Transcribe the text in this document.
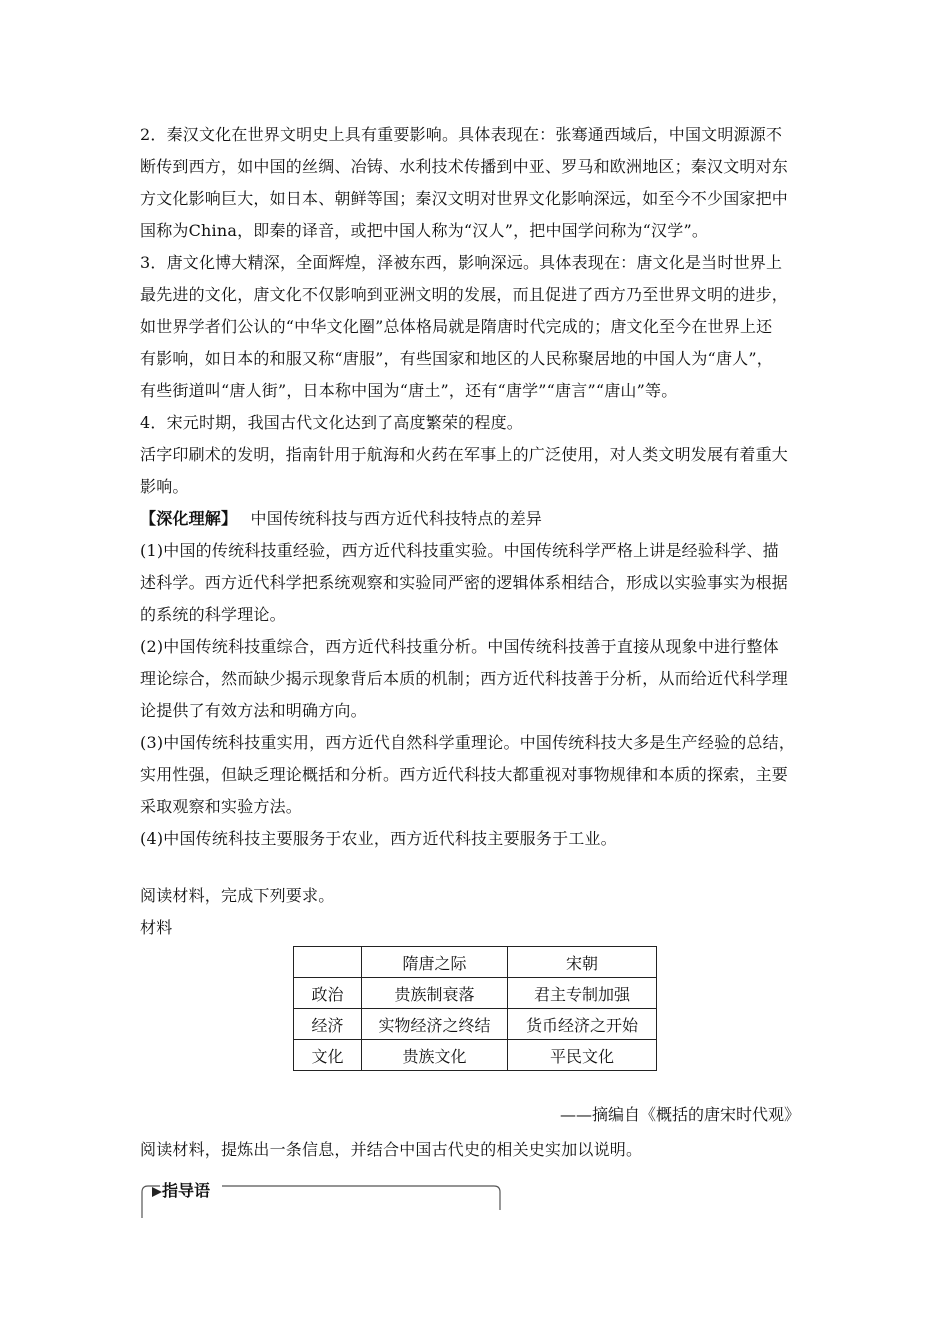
2．秦汉文化在世界文明史上具有重要影响。具体表现在：张骞通西域后，中国文明源源不
断传到西方，如中国的丝绸、冶铸、水利技术传播到中亚、罗马和欧洲地区；秦汉文明对东
方文化影响巨大，如日本、朝鲜等国；秦汉文明对世界文化影响深远，如至今不少国家把中
国称为China，即秦的译音，或把中国人称为“汉人”，把中国学问称为“汉学”。
3．唐文化博大精深，全面辉煌，泽被东西，影响深远。具体表现在：唐文化是当时世界上
最先进的文化，唐文化不仅影响到亚洲文明的发展，而且促进了西方乃至世界文明的进步，
如世界学者们公认的“中华文化圈”总体格局就是隋唐时代完成的；唐文化至今在世界上还
有影响，如日本的和服又称“唐服”，有些国家和地区的人民称聚居地的中国人为“唐人”，
有些街道叫“唐人街”，日本称中国为“唐土”，还有“唐学”“唐言”“唐山”等。
4．宋元时期，我国古代文化达到了高度繁荣的程度。
活字印刷术的发明，指南针用于航海和火药在军事上的广泛使用，对人类文明发展有着重大
影响。
【深化理解】 中国传统科技与西方近代科技特点的差异
(1)中国的传统科技重经验，西方近代科技重实验。中国传统科学严格上讲是经验科学、描
述科学。西方近代科学把系统观察和实验同严密的逻辑体系相结合，形成以实验事实为根据
的系统的科学理论。
(2)中国传统科技重综合，西方近代科技重分析。中国传统科技善于直接从现象中进行整体
理论综合，然而缺少揭示现象背后本质的机制；西方近代科技善于分析，从而给近代科学理
论提供了有效方法和明确方向。
(3)中国传统科技重实用，西方近代自然科学重理论。中国传统科技大多是生产经验的总结，
实用性强，但缺乏理论概括和分析。西方近代科技大都重视对事物规律和本质的探索，主要
采取观察和实验方法。
(4)中国传统科技主要服务于农业，西方近代科技主要服务于工业。
阅读材料，完成下列要求。
材料
	隋唐之际	宋朝
政治	贵族制衰落	君主专制加强
经济	实物经济之终结	货币经济之开始
文化	贵族文化	平民文化
——摘编自《概括的唐宋时代观》
阅读材料，提炼出一条信息，并结合中国古代史的相关史实加以说明。
指导语
